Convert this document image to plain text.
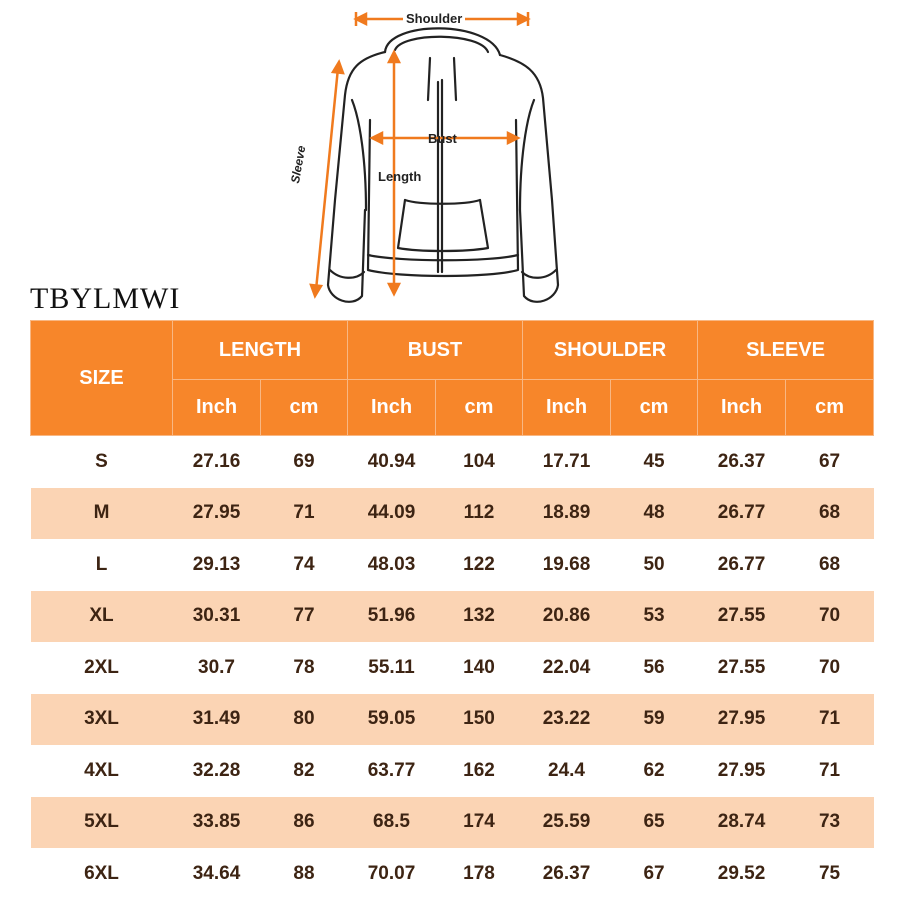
Shoulder
Bust
Length
Sleeve
TBYLMWI
SIZE	LENGTH		BUST		SHOULDER		SLEEVE	
	Inch	cm	Inch	cm	Inch	cm	Inch	cm
S	27.16	69	40.94	104	17.71	45	26.37	67
M	27.95	71	44.09	112	18.89	48	26.77	68
L	29.13	74	48.03	122	19.68	50	26.77	68
XL	30.31	77	51.96	132	20.86	53	27.55	70
2XL	30.7	78	55.11	140	22.04	56	27.55	70
3XL	31.49	80	59.05	150	23.22	59	27.95	71
4XL	32.28	82	63.77	162	24.4	62	27.95	71
5XL	33.85	86	68.5	174	25.59	65	28.74	73
6XL	34.64	88	70.07	178	26.37	67	29.52	75
